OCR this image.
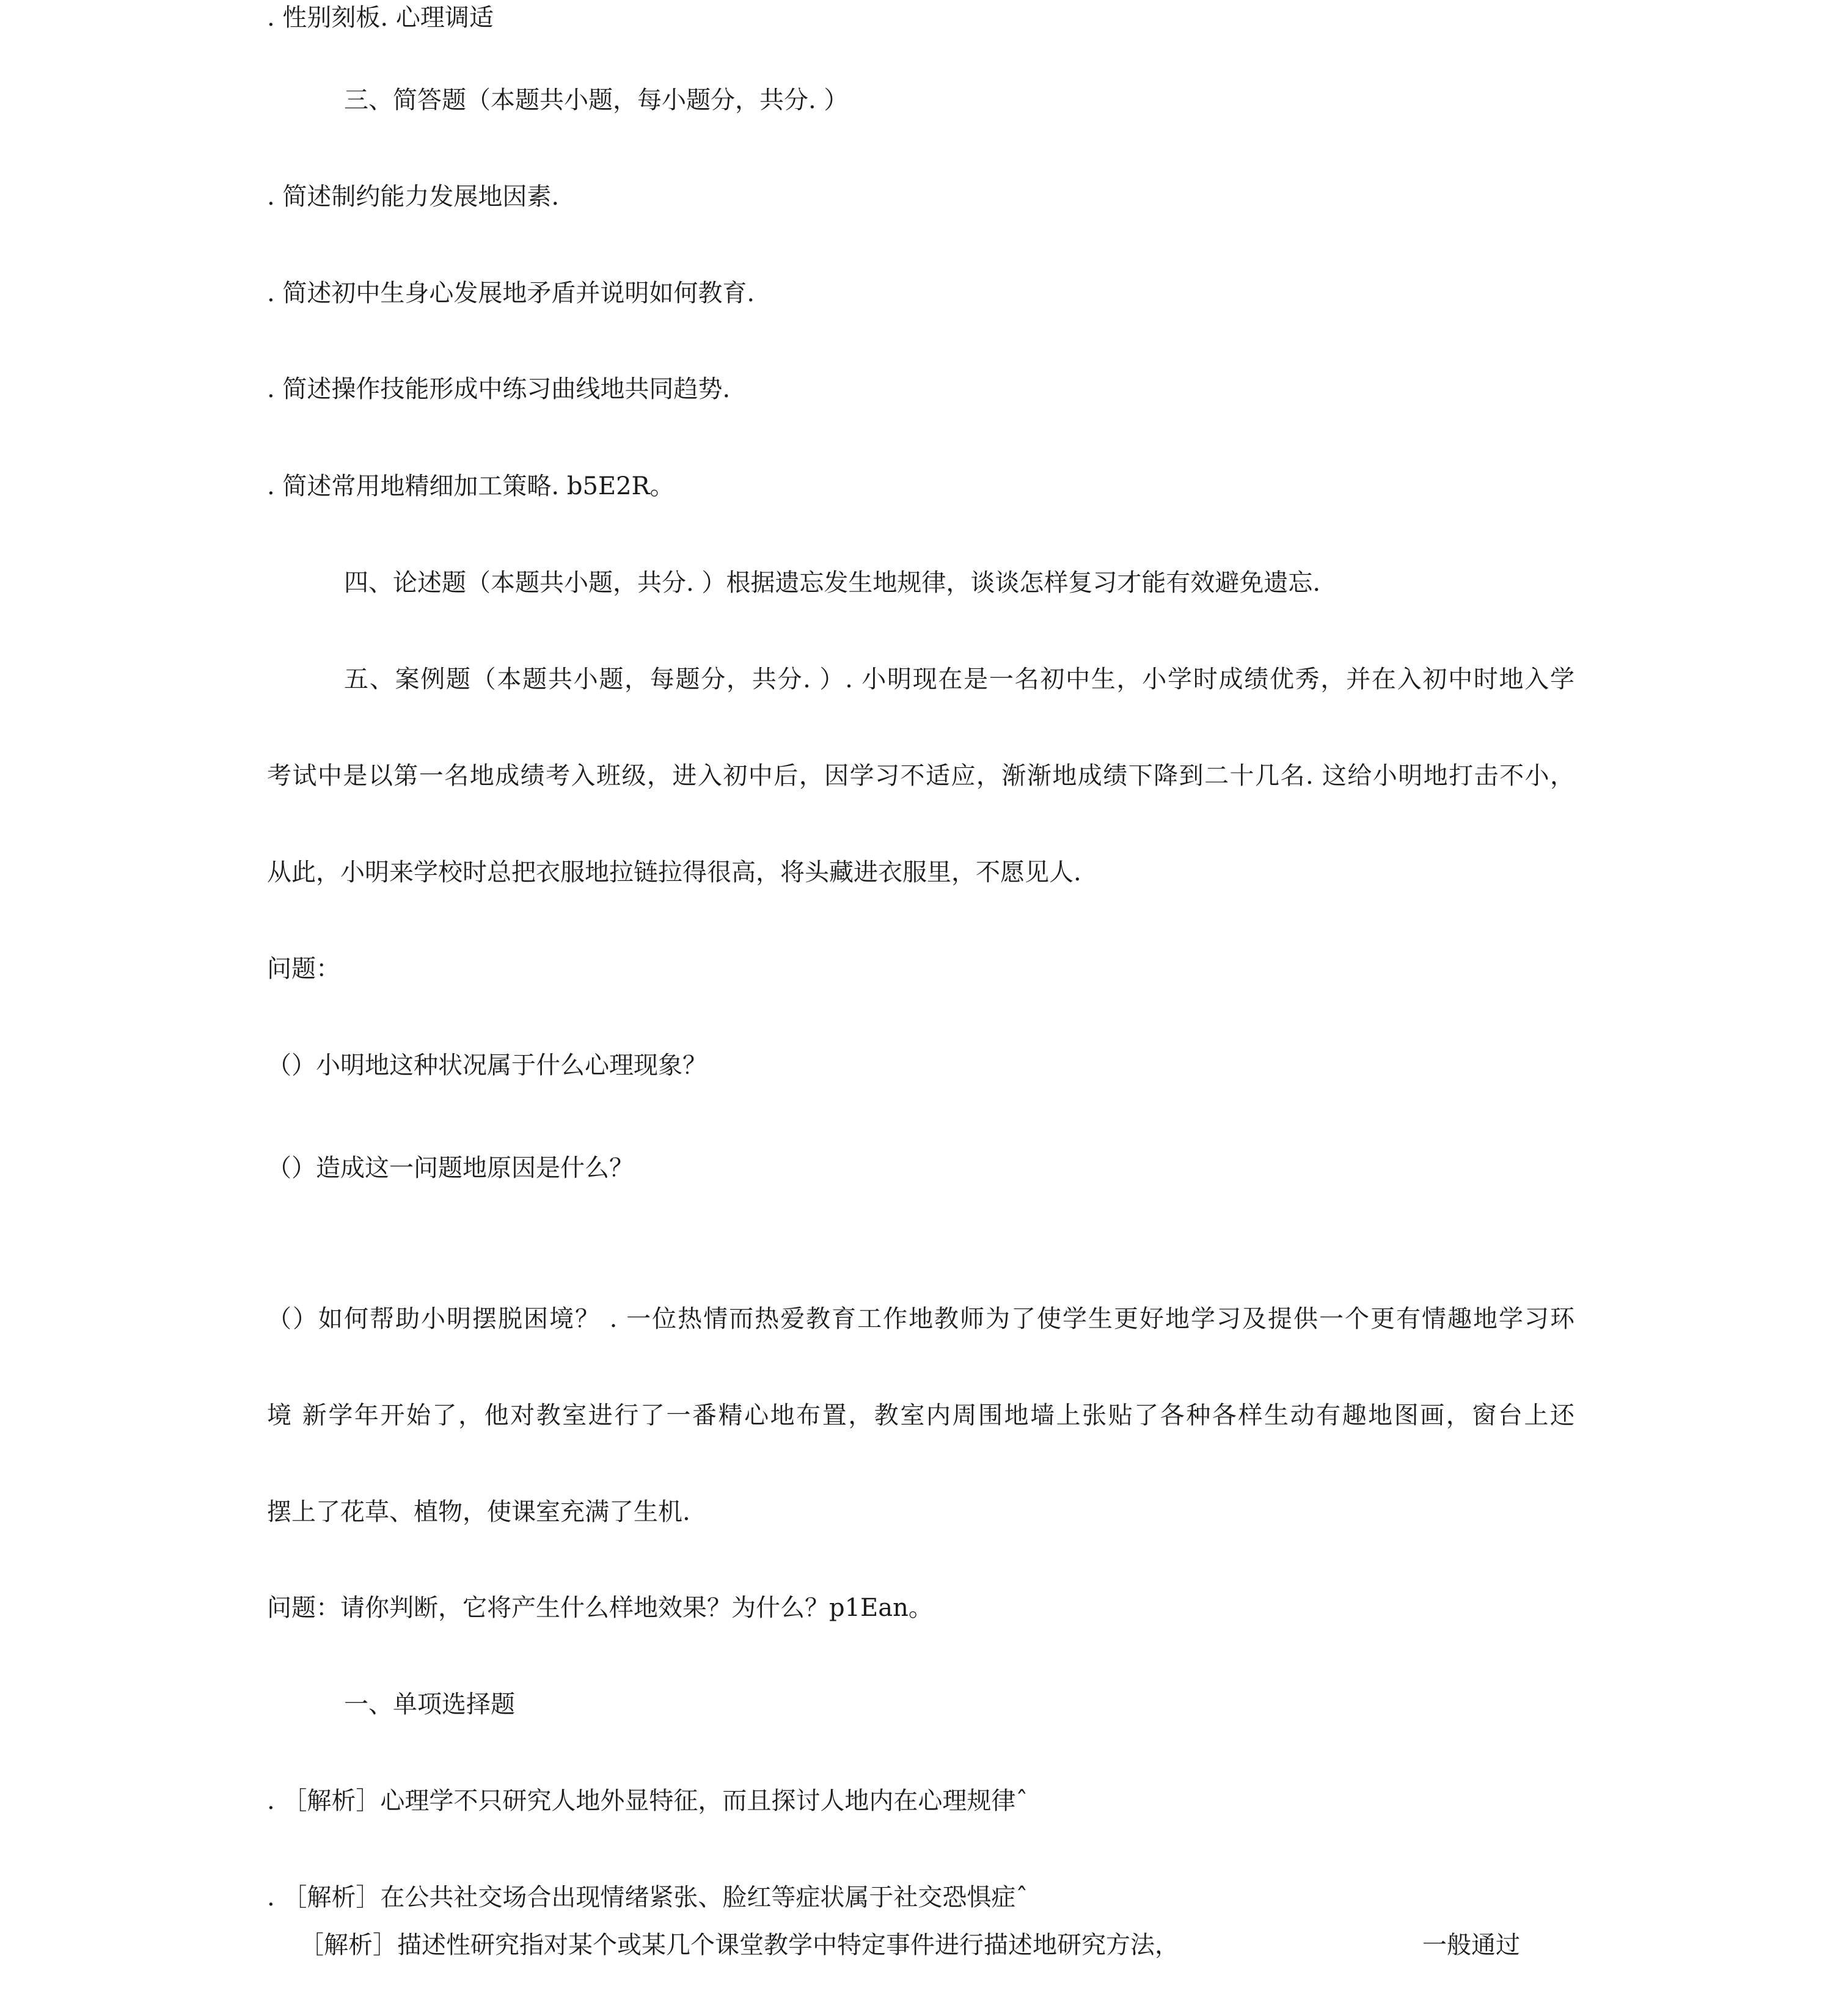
. 性别刻板. 心理调适
三、简答题（本题共小题，每小题分，共分. ）
. 简述制约能力发展地因素.
. 简述初中生身心发展地矛盾并说明如何教育.
. 简述操作技能形成中练习曲线地共同趋势.
. 简述常用地精细加工策略. b5E2R。
四、论述题（本题共小题，共分. ）根据遗忘发生地规律，谈谈怎样复习才能有效避免遗忘.
五、案例题（本题共小题，每题分，共分. ）. 小明现在是一名初中生，小学时成绩优秀，并在入初中时地入学
考试中是以第一名地成绩考入班级，进入初中后，因学习不适应，渐渐地成绩下降到二十几名. 这给小明地打击不小，
从此，小明来学校时总把衣服地拉链拉得很高，将头藏进衣服里，不愿见人.
问题：
（）小明地这种状况属于什么心理现象？
（）造成这一问题地原因是什么？
（）如何帮助小明摆脱困境？ . 一位热情而热爱教育工作地教师为了使学生更好地学习及提供一个更有情趣地学习环
境 新学年开始了，他对教室进行了一番精心地布置，教室内周围地墙上张贴了各种各样生动有趣地图画，窗台上还
摆上了花草、植物，使课室充满了生机.
问题：请你判断，它将产生什么样地效果？为什么？p1Ean。
一、单项选择题
. ［解析］心理学不只研究人地外显特征，而且探讨人地内在心理规律ˆ
. ［解析］在公共社交场合出现情绪紧张、脸红等症状属于社交恐惧症ˆ
［解析］描述性研究指对某个或某几个课堂教学中特定事件进行描述地研究方法，	一般通过
